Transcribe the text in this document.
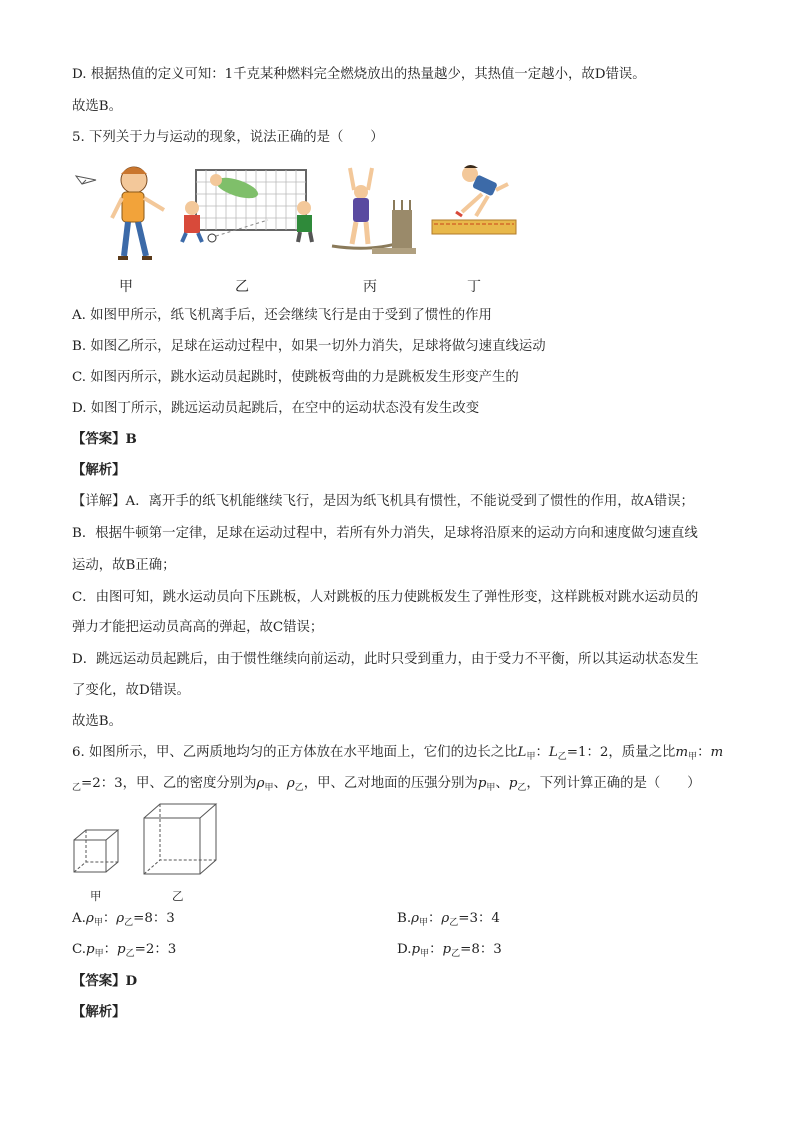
D. 根据热值的定义可知：1千克某种燃料完全燃烧放出的热量越少，其热值一定越小，故D错误。
故选B。
5. 下列关于力与运动的现象，说法正确的是（　　）
甲	乙	丙	丁
A. 如图甲所示，纸飞机离手后，还会继续飞行是由于受到了惯性的作用
B. 如图乙所示，足球在运动过程中，如果一切外力消失，足球将做匀速直线运动
C. 如图丙所示，跳水运动员起跳时，使跳板弯曲的力是跳板发生形变产生的
D. 如图丁所示，跳远运动员起跳后，在空中的运动状态没有发生改变
【答案】B
【解析】
【详解】A．离开手的纸飞机能继续飞行，是因为纸飞机具有惯性，不能说受到了惯性的作用，故A错误；
B．根据牛顿第一定律，足球在运动过程中，若所有外力消失，足球将沿原来的运动方向和速度做匀速直线
运动，故B正确；
C．由图可知，跳水运动员向下压跳板，人对跳板的压力使跳板发生了弹性形变，这样跳板对跳水运动员的
弹力才能把运动员高高的弹起，故C错误；
D．跳远运动员起跳后，由于惯性继续向前运动，此时只受到重力，由于受力不平衡，所以其运动状态发生
了变化，故D错误。
故选B。
6. 如图所示，甲、乙两质地均匀的正方体放在水平地面上，它们的边长之比$L_甲$：$L_乙=1$：2，质量之比$m_甲$：m
$_乙$=2：3，甲、乙的密度分别为$\rho_甲$、$\rho_乙$，甲、乙对地面的压强分别为$p_甲$、$p_乙$，下列计算正确的是（　　）
甲	乙
$A.\rho_甲$：$\rho_乙=8$：3	$B.\rho_甲$：$\rho_乙=3$：4
$C.p_甲$：$p_乙=2$：3	$D.p_甲$：$p_乙=8$：3
【答案】D
【解析】
